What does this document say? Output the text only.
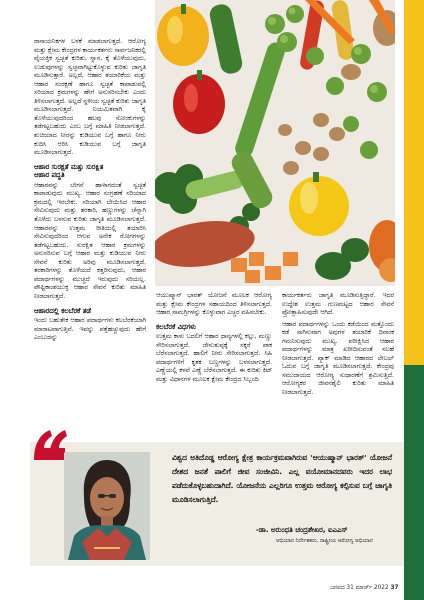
ರಾಸಾಯನಿಕಗಳ ಬಳಕೆ ಮಾಡಲಾಗುತ್ತದೆ. ಆರೋಗ್ಯ ಮತ್ತು ಕ್ಷೇಮ ಕೇಂದ್ರಗಳ ಕಾರ್ಯಕರ್ತರು ಸಾರ್ವಜನಿಕರಲ್ಲಿ ವೈಯಕ್ತಿಕ ಸ್ವಚ್ಛತೆ ಕುರಿತು, ಸ್ನಾನ, ಕೈ ತೊಳೆಯುವುದು, ಉಡುಪುಗಳನ್ನು ಸ್ವಚ್ಛವಾಗಿಟ್ಟುಕೊಳ್ಳುವ ಕುರಿತು ಜಾಗೃತಿ ಮೂಡಿಸುತ್ತಾರೆ. ಅಲ್ಲದೆ, ಆಹಾರ ತಯಾರಿಕೆಯ ಮತ್ತು ಆಹಾರ ಸಂರಕ್ಷಣೆ ಹಾಗೂ ಸ್ವಚ್ಛತೆ ಕಾಪಾಡುವಲ್ಲಿ ಸರಿಯಾದ ಕ್ರಮಗಳನ್ನು ಹೇಗೆ ಅನುಸರಿಸಬೇಕು ಎಂದು ತಿಳಿಸಲಾಗುತ್ತದೆ. ಅಲ್ಲದೆ ಸ್ಥಳೀಯ ಸ್ವಚ್ಛತೆ ಕುರಿತು ಜಾಗೃತಿ ಮೂಡಿಸಲಾಗುತ್ತದೆ. ನಿಯಮಿತವಾಗಿ ಕೈ ತೊಳೆಯುವುದರಿಂದ ಹಲವು ಸೋಂಕುಗಳನ್ನು ತಡೆಗಟ್ಟಬಹುದು ಎಂಬ ಬಗ್ಗೆ ಮಾಹಿತಿ ನೀಡಲಾಗುತ್ತದೆ. ಶುಚಿಯಾದ ನೀರನ್ನು ಕುಡಿಯುವ ಬಗ್ಗೆ ಹಾಗೂ ನೀರು ಕುದಿಸಿ ಆರಿಸಿ ಕುಡಿಯುವ ಬಗ್ಗೆ ಜಾಗೃತಿ ಮೂಡಿಸಲಾಗುತ್ತದೆ.

ಆಹಾರ ಸುರಕ್ಷತೆ ಮತ್ತು ಸುರಕ್ಷಿತ
ಆಹಾರ ಪದ್ಧತಿ

ಆಹಾರವನ್ನು ಬೇಗನೆ ಹಾಳಾಗದಂತೆ ಸ್ವಚ್ಛತೆ ಕಾಪಾಡುವುದು ಮುಖ್ಯ. ಆಹಾರ ಸಂಗ್ರಹಣೆ ಸರಿಯಾದ ಕ್ರಮದಲ್ಲಿ ಇರಬೇಕು. ಸರಿಯಾಗಿ ಬೇಯಿಸಿದ ಆಹಾರ ಸೇವಿಸುವುದು ಮತ್ತು ತರಕಾರಿ, ಹಣ್ಣುಗಳನ್ನು ಚೆನ್ನಾಗಿ ತೊಳೆದು ಬಳಸುವ ಕುರಿತು ಜಾಗೃತಿ ಮೂಡಿಸಲಾಗುತ್ತದೆ. ಆಹಾರವನ್ನು ಉತ್ತಮ ರೀತಿಯಲ್ಲಿ ತಯಾರಿಸಿ ಸೇವಿಸುವುದರಿಂದ ಆಗುವ ಅನೇಕ ರೋಗಗಳನ್ನು ತಡೆಗಟ್ಟಬಹುದು. ಸುರಕ್ಷಿತ ಆಹಾರ ಕ್ರಮಗಳನ್ನು ಅನುಸರಿಸುವ ಬಗ್ಗೆ ಆಹಾರ ಮತ್ತು ಕುಡಿಯುವ ನೀರು ಸೇವನೆ ಕುರಿತು ಅರಿವು ಮೂಡಿಸಲಾಗುತ್ತದೆ. ತರಕಾರಿಗಳನ್ನು ತೊಳೆಯದೆ ಕತ್ತರಿಸುವುದು, ಆಹಾರ ಪದಾರ್ಥಗಳನ್ನು ಮುಚ್ಚದೆ ಇರುವುದು ಸರಿಯಲ್ಲ. ಪೌಷ್ಟಿಕಾಂಶಯುಕ್ತ ಆಹಾರ ಸೇವನೆ ಕುರಿತು ಮಾಹಿತಿ ನೀಡಲಾಗುತ್ತದೆ.

ಆಹಾರದಲ್ಲಿ ಕಲಬೆರಕೆ ತಡೆ

ಇಂದು ಬಹುತೇಕ ಆಹಾರ ಪದಾರ್ಥಗಳು ಕಲಬೆರಕೆಯಾಗಿ ಮಾರಾಟವಾಗುತ್ತಿವೆ. ಇವನ್ನು ಪತ್ತೆಹಚ್ಚುವುದು ಹೇಗೆ ಎಂಬುದನ್ನು

ಆಯುಷ್ಮಾನ್ ಭಾರತ್ ಯೋಜನೆ ಮೂಲಕ ಆರೋಗ್ಯ ಮತ್ತು ಕ್ಷೇಮ ಕೇಂದ್ರಗಳ ಸಹಾಯದಿಂದ ತಿಳಿಸಲಾಗುತ್ತದೆ. ಆಹಾರ ಸಾಮಗ್ರಿಗಳನ್ನು ಕೊಳ್ಳುವಾಗ ಎಚ್ಚರ ವಹಿಸಬೇಕು.

ಕಲಬೆರಕೆ ವಿಧಗಳು

ಉತ್ತಮ ಕಾಳು ಬದಲಿಗೆ ಆಹಾರ ಧಾನ್ಯಗಳಲ್ಲಿ ಕಲ್ಲು, ಮಣ್ಣು ಸೇರಿಸಲಾಗುತ್ತದೆ. ಜೇನುತುಪ್ಪಕ್ಕೆ ಸಕ್ಕರೆ ಪಾಕ ಬೆರೆಸಲಾಗುತ್ತದೆ. ಹಾಲಿಗೆ ನೀರು ಸೇರಿಸಲಾಗುತ್ತದೆ. ಸಿಹಿ ಪದಾರ್ಥಗಳಿಗೆ ಕೃತಕ ಬಣ್ಣಗಳನ್ನು ಬಳಸಲಾಗುತ್ತದೆ. ಎಣ್ಣೆಯಲ್ಲಿ ಕಳಪೆ ಎಣ್ಣೆ ಬೆರೆಸಲಾಗುತ್ತದೆ. ಈ ಕುರಿತು ಕಿಟ್ ಮತ್ತು ವಿಧಾನಗಳ ಮೂಲಕ ಕ್ಷೇಮ ಕೇಂದ್ರದ ಸಿಬ್ಬಂದಿ

ಕಾರ್ಯಕರ್ತರು ಜಾಗೃತಿ ಮೂಡಿಸುತ್ತಿದ್ದಾರೆ. ಇದರ ಉದ್ದೇಶ ಉತ್ತಮ ಗುಣಮಟ್ಟದ ಆಹಾರ ಸೇವನೆ ಪ್ರೋತ್ಸಾಹಿಸುವುದೇ ಆಗಿದೆ.

ಆಹಾರ ಪದಾರ್ಥಗಳನ್ನು ಒಂದು ಕಡೆಯಿಂದ ಮತ್ತೊಂದು ಕಡೆ ಸಾಗಿಸುವಾಗ ಅವುಗಳ ತಯಾರಿಕೆ ದಿನಾಂಕ ಗಮನಿಸುವುದು ಮುಖ್ಯ. ಪರೀಕ್ಷಿಸಿದ ಆಹಾರ ಪದಾರ್ಥಗಳನ್ನು ಮಾತ್ರ ಖರೀದಿಸುವಂತೆ ಸಲಹೆ ನೀಡಲಾಗುತ್ತದೆ. ಪ್ಯಾಕ್ ಮಾಡಿದ ಆಹಾರದ ಲೇಬಲ್ ಓದುವ ಬಗ್ಗೆ ಜಾಗೃತಿ ಮೂಡಿಸಲಾಗುತ್ತದೆ. ಕೇಂದ್ರವು ಸಮುದಾಯದ ಆರೋಗ್ಯ ಸುಧಾರಣೆಗೆ ಶ್ರಮಿಸುತ್ತಿದೆ. ಆರೋಗ್ಯಕರ ಜೀವನಶೈಲಿ ಕುರಿತು ಮಾಹಿತಿ ನೀಡಲಾಗುತ್ತದೆ.

ವಿಶ್ವದ ಅತಿದೊಡ್ಡ ಆರೋಗ್ಯ ಕ್ಷೇತ್ರ ಕಾರ್ಯಕ್ರಮವಾಗಿರುವ 'ಆಯುಷ್ಮಾನ್ ಭಾರತ್' ಯೋಜನೆ ದೇಶದ ಜನತೆ ಪಾಲಿಗೆ ಜೀವ ಸಂಜೀವಿನಿ. ಎಲ್ಲ ವಯೋಮಾನದವರು ಇದರ ಲಾಭ ಪಡೆದುಕೊಳ್ಳಬಹುದಾಗಿದೆ. ಯೋಜನೆಯ ಎಲ್ಲರಿಗೂ ಉತ್ತಮ ಆರೋಗ್ಯ ಕಲ್ಪಿಸುವ ಬಗ್ಗೆ ಜಾಗೃತಿ ಮೂಡಿಸಲಾಗುತ್ತಿದೆ.
-ಡಾ. ಅರುಂಧತಿ ಚಂದ್ರಶೇಖರ, ಐಎಎಸ್
ಅಭಿಯಾನ ನಿರ್ದೇಶಕರು, ರಾಷ್ಟ್ರೀಯ ಆರೋಗ್ಯ ಅಭಿಯಾನ
ಜನಪದ 31 ಮಾರ್ಚ್ 2022 37
